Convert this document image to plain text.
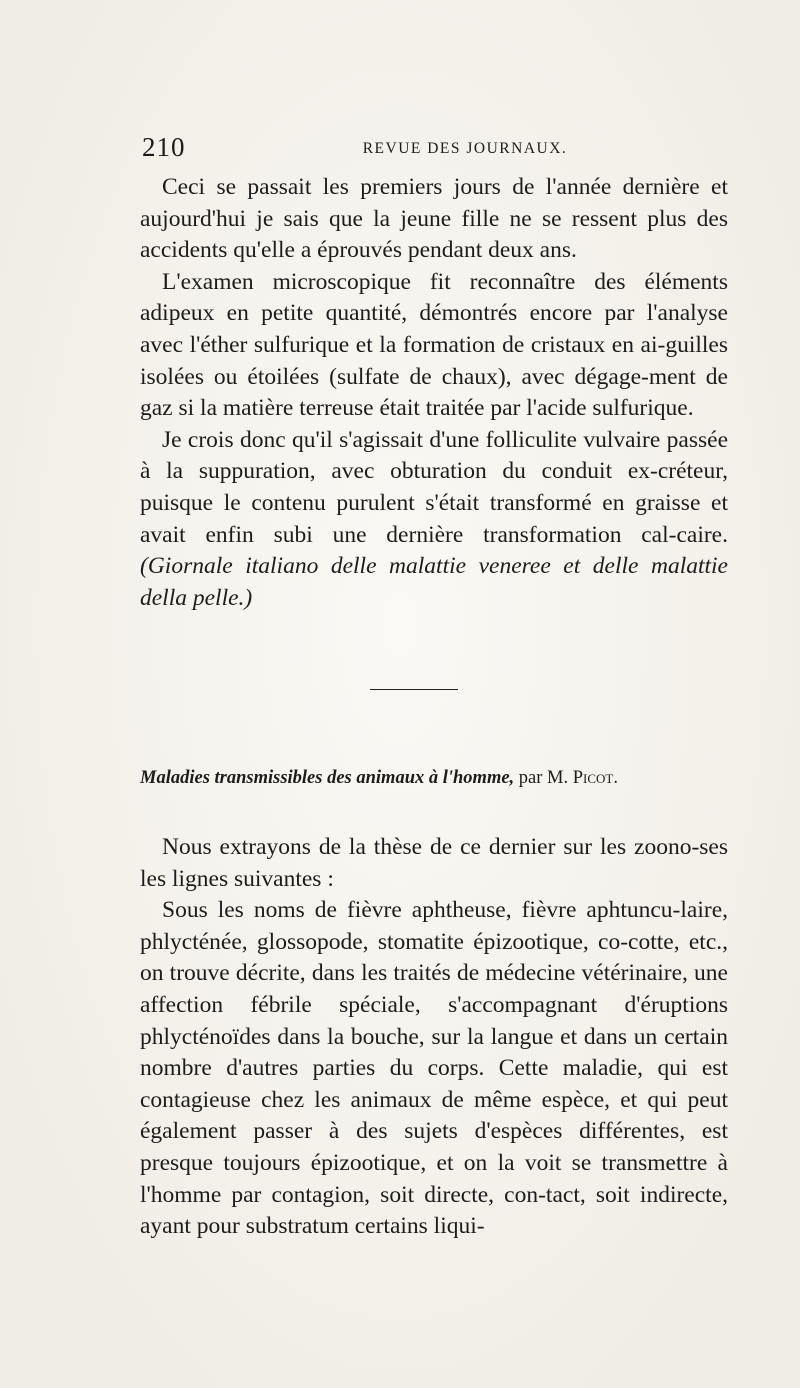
210	REVUE DES JOURNAUX.

Ceci se passait les premiers jours de l'année dernière et aujourd'hui je sais que la jeune fille ne se ressent plus des accidents qu'elle a éprouvés pendant deux ans.

L'examen microscopique fit reconnaître des éléments adipeux en petite quantité, démontrés encore par l'analyse avec l'éther sulfurique et la formation de cristaux en ai-guilles isolées ou étoilées (sulfate de chaux), avec dégage-ment de gaz si la matière terreuse était traitée par l'acide sulfurique.

Je crois donc qu'il s'agissait d'une folliculite vulvaire passée à la suppuration, avec obturation du conduit ex-créteur, puisque le contenu purulent s'était transformé en graisse et avait enfin subi une dernière transformation cal-caire. (Giornale italiano delle malattie veneree et delle malattie della pelle.)

Maladies transmissibles des animaux à l'homme, par M. Picot.

Nous extrayons de la thèse de ce dernier sur les zoono-ses les lignes suivantes :

Sous les noms de fièvre aphtheuse, fièvre aphtuncu-laire, phlycténée, glossopode, stomatite épizootique, co-cotte, etc., on trouve décrite, dans les traités de médecine vétérinaire, une affection fébrile spéciale, s'accompagnant d'éruptions phlycténoïdes dans la bouche, sur la langue et dans un certain nombre d'autres parties du corps. Cette maladie, qui est contagieuse chez les animaux de même espèce, et qui peut également passer à des sujets d'espèces différentes, est presque toujours épizootique, et on la voit se transmettre à l'homme par contagion, soit directe, con-tact, soit indirecte, ayant pour substratum certains liqui-
